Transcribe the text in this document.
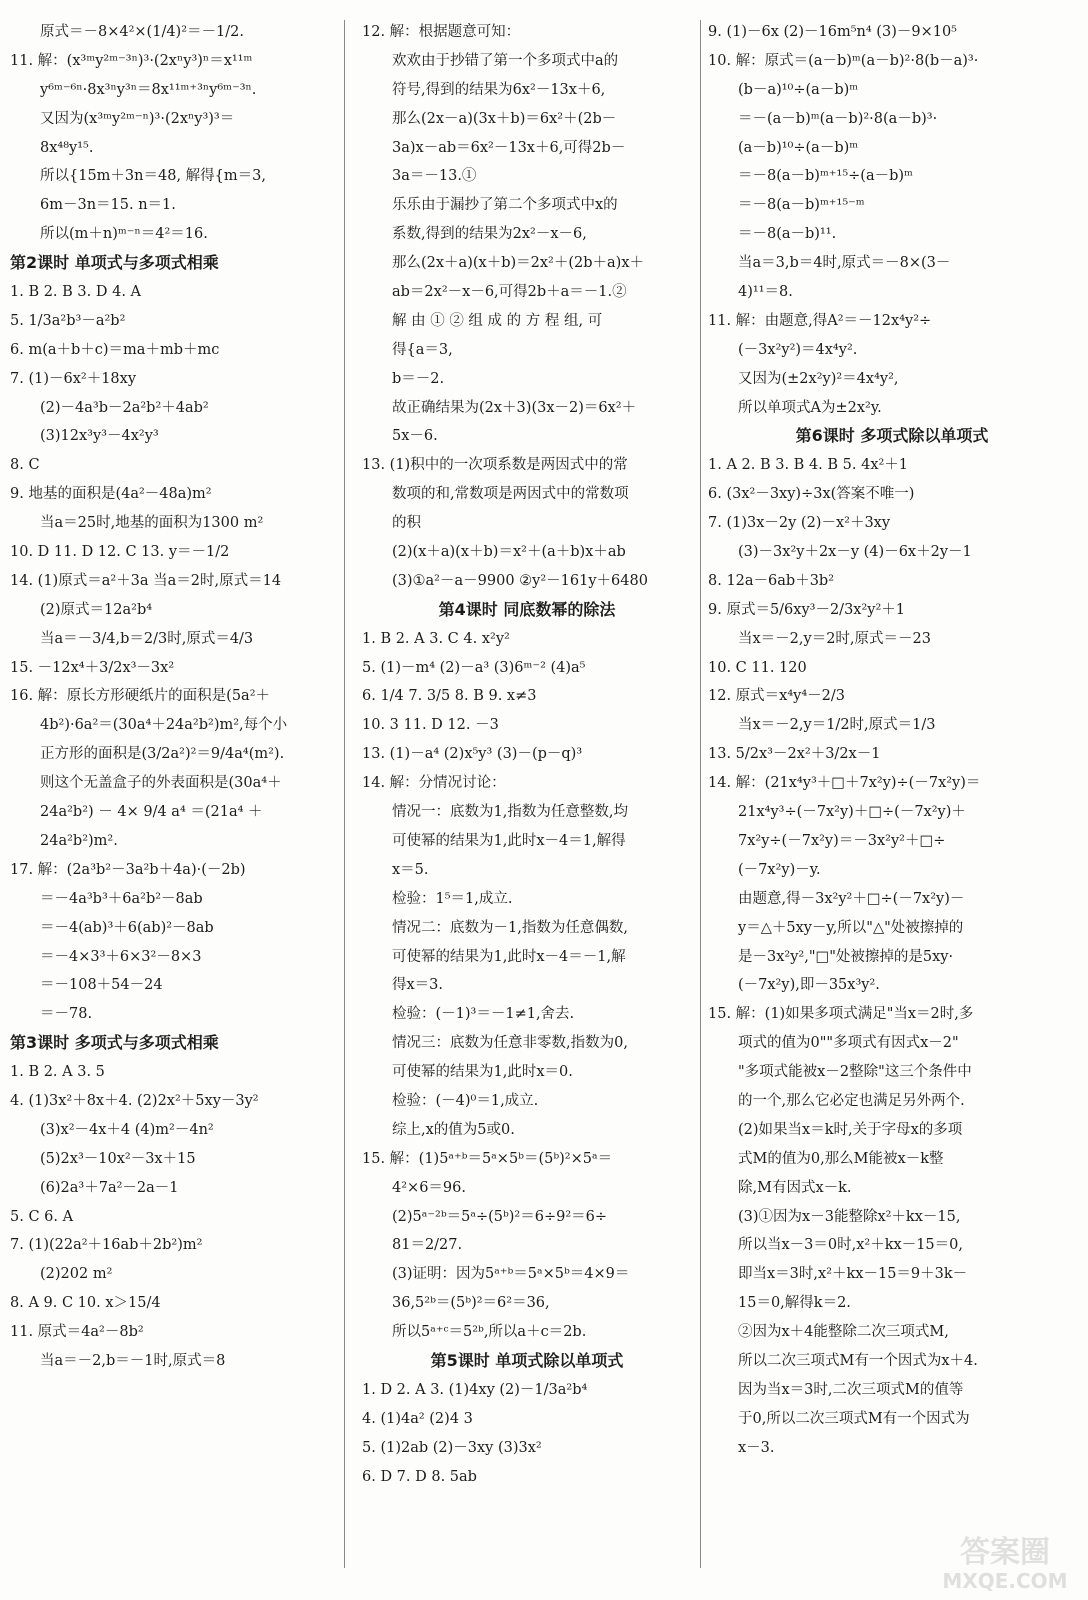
原式＝－8×4²×(1/4)²＝－1/2.
11. 解：(x³ᵐy²ᵐ⁻³ⁿ)³·(2xⁿy³)ⁿ＝x¹¹ᵐ
y⁶ᵐ⁻⁶ⁿ·8x³ⁿy³ⁿ＝8x¹¹ᵐ⁺³ⁿy⁶ᵐ⁻³ⁿ.
又因为(x³ᵐy²ᵐ⁻ⁿ)³·(2xⁿy³)³＝
8x⁴⁸y¹⁵.
所以{15m＋3n＝48, 解得{m＝3,
6m－3n＝15. n＝1.
所以(m＋n)ᵐ⁻ⁿ＝4²＝16.
第2课时 单项式与多项式相乘
1. B 2. B 3. D 4. A
5. 1/3a²b³－a²b²
6. m(a＋b＋c)＝ma＋mb＋mc
7. (1)－6x²＋18xy
(2)－4a³b－2a²b²＋4ab²
(3)12x³y³－4x²y³
8. C
9. 地基的面积是(4a²－48a)m²
当a＝25时,地基的面积为1300 m²
10. D 11. D 12. C 13. y＝－1/2
14. (1)原式＝a²＋3a 当a＝2时,原式＝14
(2)原式＝12a²b⁴
当a＝－3/4,b＝2/3时,原式＝4/3
15. －12x⁴＋3/2x³－3x²
16. 解：原长方形硬纸片的面积是(5a²＋
4b²)·6a²＝(30a⁴＋24a²b²)m²,每个小
正方形的面积是(3/2a²)²＝9/4a⁴(m²).
则这个无盖盒子的外表面积是(30a⁴＋
24a²b²) － 4× 9/4 a⁴ ＝(21a⁴ ＋
24a²b²)m².
17. 解：(2a³b²－3a²b＋4a)·(－2b)
＝－4a³b³＋6a²b²－8ab
＝－4(ab)³＋6(ab)²－8ab
＝－4×3³＋6×3²－8×3
＝－108＋54－24
＝－78.
第3课时 多项式与多项式相乘
1. B 2. A 3. 5
4. (1)3x²＋8x＋4. (2)2x²＋5xy－3y²
(3)x²－4x＋4 (4)m²－4n²
(5)2x³－10x²－3x＋15
(6)2a³＋7a²－2a－1
5. C 6. A
7. (1)(22a²＋16ab＋2b²)m²
(2)202 m²
8. A 9. C 10. x＞15/4
11. 原式＝4a²－8b²
当a＝－2,b＝－1时,原式＝8
12. 解：根据题意可知：
欢欢由于抄错了第一个多项式中a的
符号,得到的结果为6x²－13x＋6,
那么(2x－a)(3x＋b)＝6x²＋(2b－
3a)x－ab＝6x²－13x＋6,可得2b－
3a＝－13.①
乐乐由于漏抄了第二个多项式中x的
系数,得到的结果为2x²－x－6,
那么(2x＋a)(x＋b)＝2x²＋(2b＋a)x＋
ab＝2x²－x－6,可得2b＋a＝－1.②
解 由 ① ② 组 成 的 方 程 组, 可
得{a＝3,
b＝－2.
故正确结果为(2x＋3)(3x－2)＝6x²＋
5x－6.
13. (1)积中的一次项系数是两因式中的常
数项的和,常数项是两因式中的常数项
的积
(2)(x＋a)(x＋b)＝x²＋(a＋b)x＋ab
(3)①a²－a－9900 ②y²－161y＋6480
第4课时 同底数幂的除法
1. B 2. A 3. C 4. x²y²
5. (1)－m⁴ (2)－a³ (3)6ᵐ⁻² (4)a⁵
6. 1/4 7. 3/5 8. B 9. x≠3
10. 3 11. D 12. －3
13. (1)－a⁴ (2)x⁵y³ (3)－(p－q)³
14. 解：分情况讨论：
情况一：底数为1,指数为任意整数,均
可使幂的结果为1,此时x－4＝1,解得
x＝5.
检验：1⁵＝1,成立.
情况二：底数为－1,指数为任意偶数,
可使幂的结果为1,此时x－4＝－1,解
得x＝3.
检验：(－1)³＝－1≠1,舍去.
情况三：底数为任意非零数,指数为0,
可使幂的结果为1,此时x＝0.
检验：(－4)⁰＝1,成立.
综上,x的值为5或0.
15. 解：(1)5ᵃ⁺ᵇ＝5ᵃ×5ᵇ＝(5ᵇ)²×5ᵃ＝
4²×6＝96.
(2)5ᵃ⁻²ᵇ＝5ᵃ÷(5ᵇ)²＝6÷9²＝6÷
81＝2/27.
(3)证明：因为5ᵃ⁺ᵇ＝5ᵃ×5ᵇ＝4×9＝
36,5²ᵇ＝(5ᵇ)²＝6²＝36,
所以5ᵃ⁺ᶜ＝5²ᵇ,所以a＋c＝2b.
第5课时 单项式除以单项式
1. D 2. A 3. (1)4xy (2)－1/3a²b⁴
4. (1)4a² (2)4 3
5. (1)2ab (2)－3xy (3)3x²
6. D 7. D 8. 5ab
9. (1)－6x (2)－16m⁵n⁴ (3)－9×10⁵
10. 解：原式＝(a－b)ᵐ(a－b)²·8(b－a)³·
(b－a)¹⁰÷(a－b)ᵐ
＝－(a－b)ᵐ(a－b)²·8(a－b)³·
(a－b)¹⁰÷(a－b)ᵐ
＝－8(a－b)ᵐ⁺¹⁵÷(a－b)ᵐ
＝－8(a－b)ᵐ⁺¹⁵⁻ᵐ
＝－8(a－b)¹¹.
当a＝3,b＝4时,原式＝－8×(3－
4)¹¹＝8.
11. 解：由题意,得A²＝－12x⁴y²÷
(－3x²y²)＝4x⁴y².
又因为(±2x²y)²＝4x⁴y²,
所以单项式A为±2x²y.
第6课时 多项式除以单项式
1. A 2. B 3. B 4. B 5. 4x²＋1
6. (3x²－3xy)÷3x(答案不唯一)
7. (1)3x－2y (2)－x²＋3xy
(3)－3x²y＋2x－y (4)－6x＋2y－1
8. 12a－6ab＋3b²
9. 原式＝5/6xy³－2/3x²y²＋1
当x＝－2,y＝2时,原式＝－23
10. C 11. 120
12. 原式＝x⁴y⁴－2/3
当x＝－2,y＝1/2时,原式＝1/3
13. 5/2x³－2x²＋3/2x－1
14. 解：(21x⁴y³＋□＋7x²y)÷(－7x²y)＝
21x⁴y³÷(－7x²y)＋□÷(－7x²y)＋
7x²y÷(－7x²y)＝－3x²y²＋□÷
(－7x²y)－y.
由题意,得－3x²y²＋□÷(－7x²y)－
y＝△＋5xy－y,所以"△"处被擦掉的
是－3x²y²,"□"处被擦掉的是5xy·
(－7x²y),即－35x³y².
15. 解：(1)如果多项式满足"当x＝2时,多
项式的值为0""多项式有因式x－2"
"多项式能被x－2整除"这三个条件中
的一个,那么它必定也满足另外两个.
(2)如果当x＝k时,关于字母x的多项
式M的值为0,那么M能被x－k整
除,M有因式x－k.
(3)①因为x－3能整除x²＋kx－15,
所以当x－3＝0时,x²＋kx－15＝0,
即当x＝3时,x²＋kx－15＝9＋3k－
15＝0,解得k＝2.
②因为x＋4能整除二次三项式M,
所以二次三项式M有一个因式为x＋4.
因为当x＝3时,二次三项式M的值等
于0,所以二次三项式M有一个因式为
x－3.
答案圈
MXQE.COM
